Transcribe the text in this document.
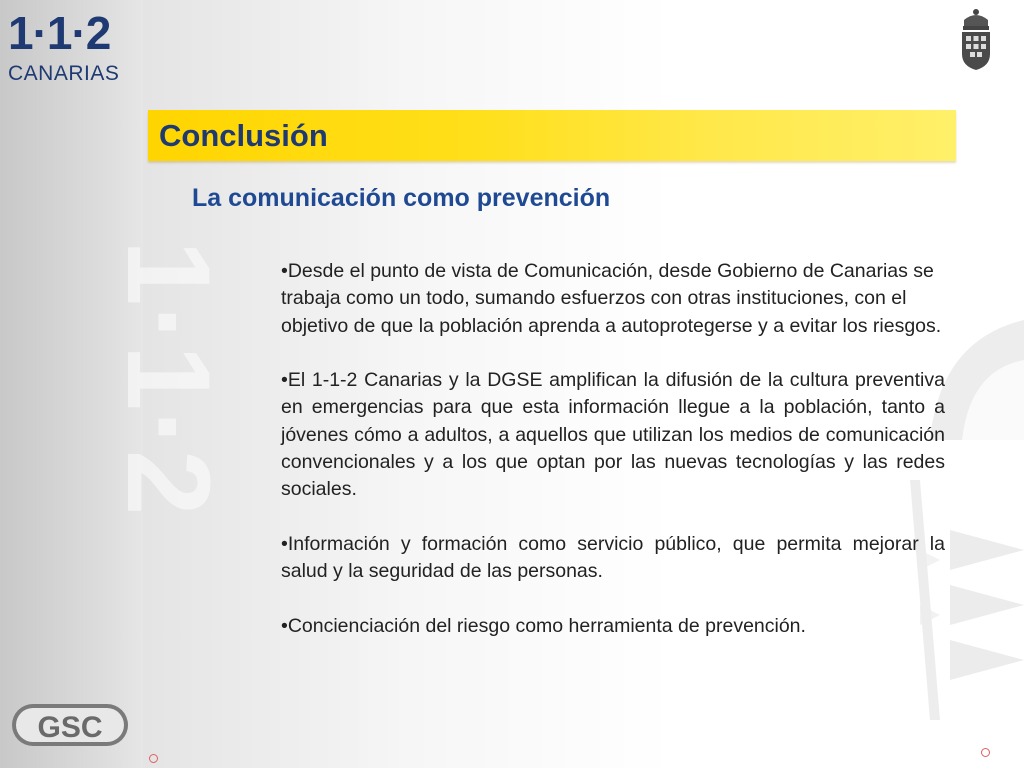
1·1·2
CANARIAS
1·1·2
GSC
Conclusión
La comunicación como prevención

•Desde el punto de vista de Comunicación, desde Gobierno de Canarias se trabaja como un todo, sumando esfuerzos con otras instituciones, con el objetivo de que la población aprenda a autoprotegerse y a evitar los riesgos.

•El 1-1-2 Canarias y la DGSE amplifican la difusión de la cultura preventiva en emergencias para que esta información llegue a la población, tanto a jóvenes cómo a adultos, a aquellos que utilizan los medios de comunicación convencionales y a los que optan por las nuevas tecnologías y las redes sociales.

•Información y formación como servicio público, que permita mejorar la salud y la seguridad de las personas.

•Concienciación del riesgo como herramienta de prevención.
